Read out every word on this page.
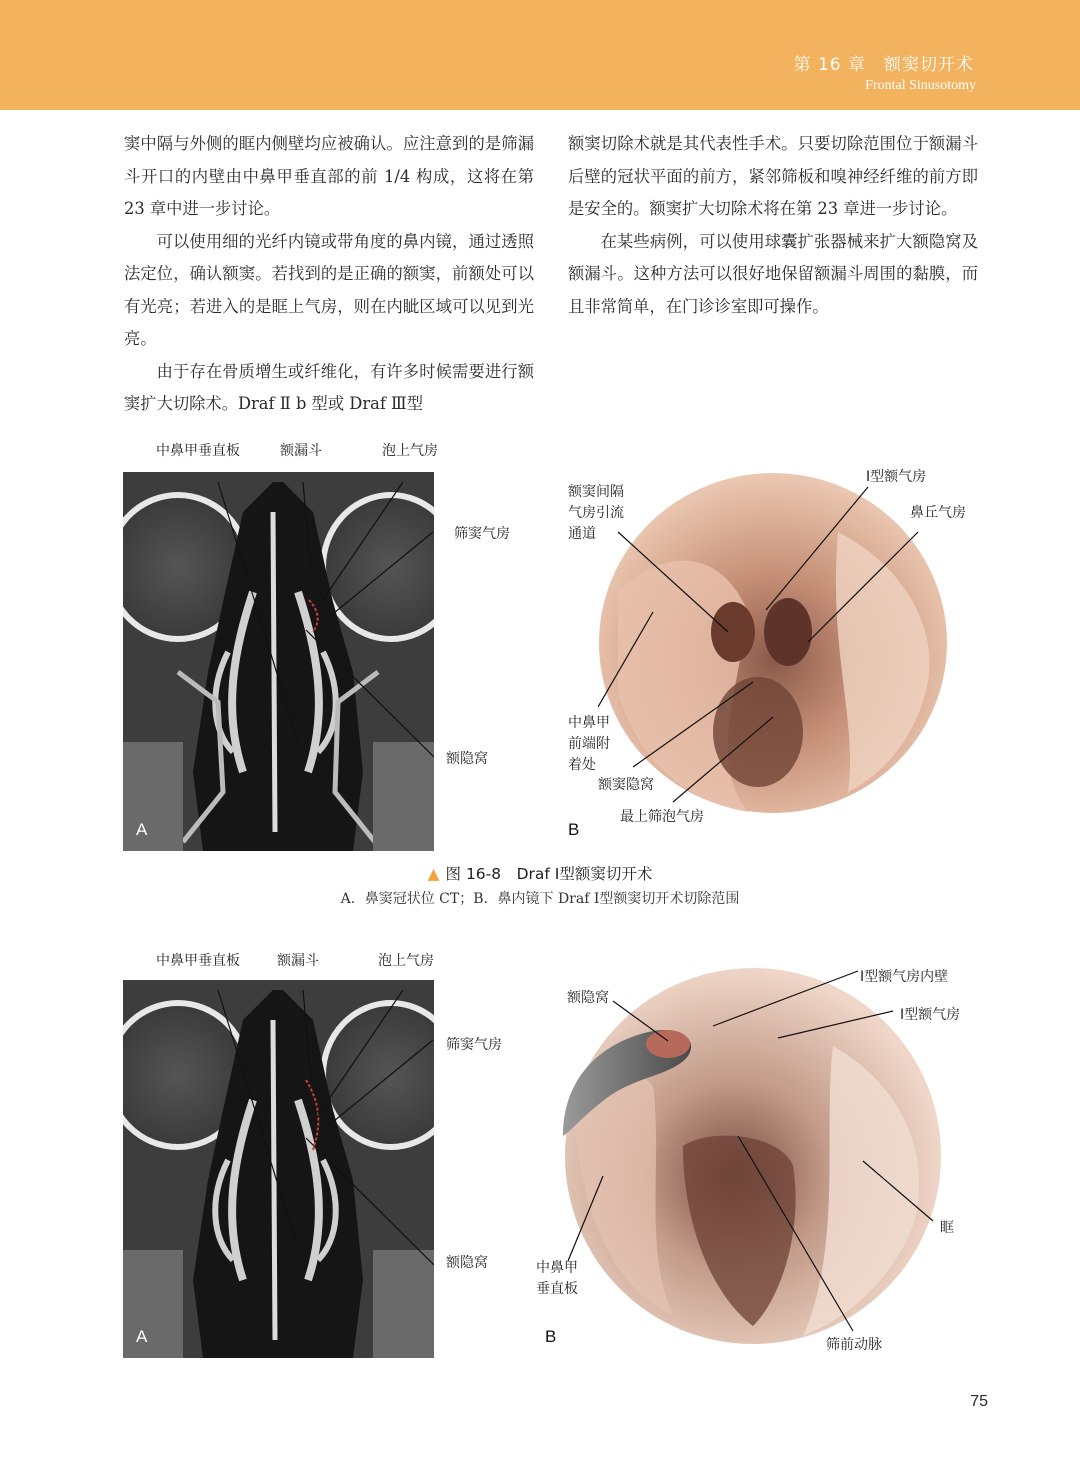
第 16 章　额窦切开术
Frontal Sinusotomy

窦中隔与外侧的眶内侧壁均应被确认。应注意到的是筛漏斗开口的内壁由中鼻甲垂直部的前 1/4 构成，这将在第 23 章中进一步讨论。

可以使用细的光纤内镜或带角度的鼻内镜，通过透照法定位，确认额窦。若找到的是正确的额窦，前额处可以有光亮；若进入的是眶上气房，则在内眦区域可以见到光亮。

由于存在骨质增生或纤维化，有许多时候需要进行额窦扩大切除术。Draf Ⅱ b 型或 Draf Ⅲ型

额窦切除术就是其代表性手术。只要切除范围位于额漏斗后壁的冠状平面的前方，紧邻筛板和嗅神经纤维的前方即是安全的。额窦扩大切除术将在第 23 章进一步讨论。

在某些病例，可以使用球囊扩张器械来扩大额隐窝及额漏斗。这种方法可以很好地保留额漏斗周围的黏膜，而且非常简单，在门诊诊室即可操作。

中鼻甲垂直板	额漏斗	泡上气房
筛窦气房
额隐窝
A
额窦间隔
气房引流
通道
Ⅰ型额气房
鼻丘气房
中鼻甲
前端附
着处
额窦隐窝
最上筛泡气房
B
▲ 图 16-8　Draf Ⅰ型额窦切开术
A．鼻窦冠状位 CT；B．鼻内镜下 Draf Ⅰ型额窦切开术切除范围
中鼻甲垂直板	额漏斗	泡上气房
筛窦气房
额隐窝
A
额隐窝
Ⅰ型额气房内壁
Ⅰ型额气房
眶
中鼻甲
垂直板
筛前动脉
B
75
